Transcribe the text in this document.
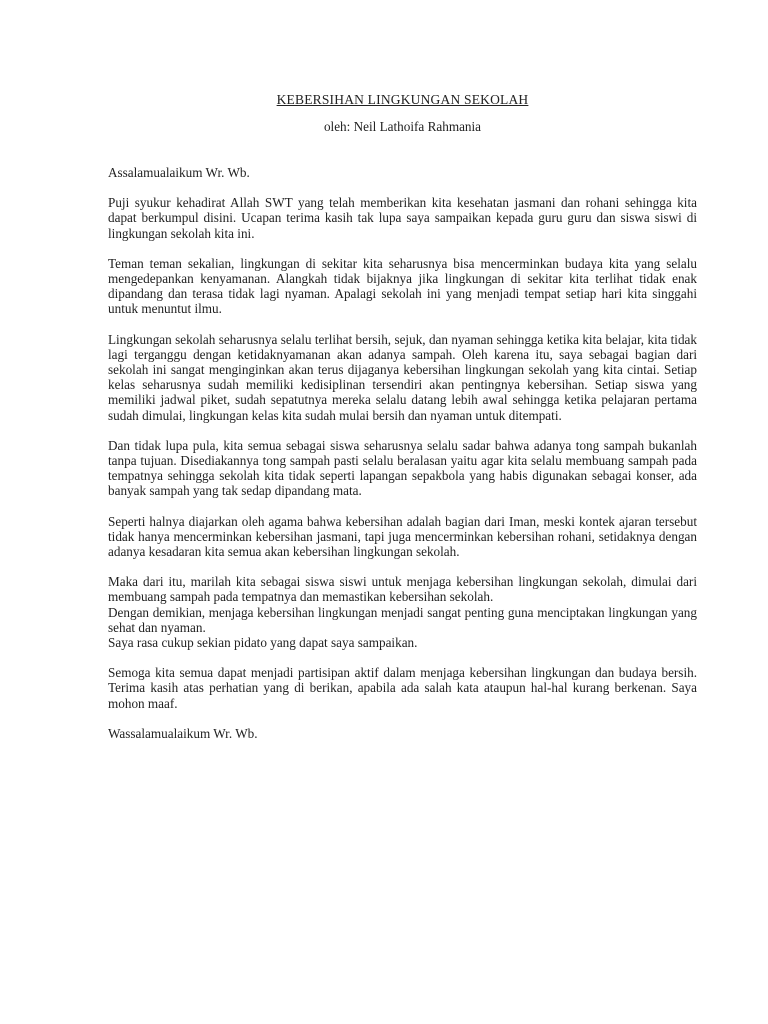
KEBERSIHAN LINGKUNGAN SEKOLAH

oleh: Neil Lathoifa Rahmania

Assalamualaikum Wr. Wb.

Puji syukur kehadirat Allah SWT yang telah memberikan kita kesehatan jasmani dan rohani sehingga kita dapat berkumpul disini. Ucapan terima kasih tak lupa saya sampaikan kepada guru guru dan siswa siswi di lingkungan sekolah kita ini.

Teman teman sekalian, lingkungan di sekitar kita seharusnya bisa mencerminkan budaya kita yang selalu mengedepankan kenyamanan. Alangkah tidak bijaknya jika lingkungan di sekitar kita terlihat tidak enak dipandang dan terasa tidak lagi nyaman. Apalagi sekolah ini yang menjadi tempat setiap hari kita singgahi untuk menuntut ilmu.

Lingkungan sekolah seharusnya selalu terlihat bersih, sejuk, dan nyaman sehingga ketika kita belajar, kita tidak lagi terganggu dengan ketidaknyamanan akan adanya sampah. Oleh karena itu, saya sebagai bagian dari sekolah ini sangat menginginkan akan terus dijaganya kebersihan lingkungan sekolah yang kita cintai. Setiap kelas seharusnya sudah memiliki kedisiplinan tersendiri akan pentingnya kebersihan. Setiap siswa yang memiliki jadwal piket, sudah sepatutnya mereka selalu datang lebih awal sehingga ketika pelajaran pertama sudah dimulai, lingkungan kelas kita sudah mulai bersih dan nyaman untuk ditempati.

Dan tidak lupa pula, kita semua sebagai siswa seharusnya selalu sadar bahwa adanya tong sampah bukanlah tanpa tujuan. Disediakannya tong sampah pasti selalu beralasan yaitu agar kita selalu membuang sampah pada tempatnya sehingga sekolah kita tidak seperti lapangan sepakbola yang habis digunakan sebagai konser, ada banyak sampah yang tak sedap dipandang mata.

Seperti halnya diajarkan oleh agama bahwa kebersihan adalah bagian dari Iman, meski kontek ajaran tersebut tidak hanya mencerminkan kebersihan jasmani, tapi juga mencerminkan kebersihan rohani, setidaknya dengan adanya kesadaran kita semua akan kebersihan lingkungan sekolah.

Maka dari itu, marilah kita sebagai siswa siswi untuk menjaga kebersihan lingkungan sekolah, dimulai dari membuang sampah pada tempatnya dan memastikan kebersihan sekolah.

Dengan demikian, menjaga kebersihan lingkungan menjadi sangat penting guna menciptakan lingkungan yang sehat dan nyaman.

Saya rasa cukup sekian pidato yang dapat saya sampaikan.

Semoga kita semua dapat menjadi partisipan aktif dalam menjaga kebersihan lingkungan dan budaya bersih. Terima kasih atas perhatian yang di berikan, apabila ada salah kata ataupun hal-hal kurang berkenan. Saya mohon maaf.

Wassalamualaikum Wr. Wb.
